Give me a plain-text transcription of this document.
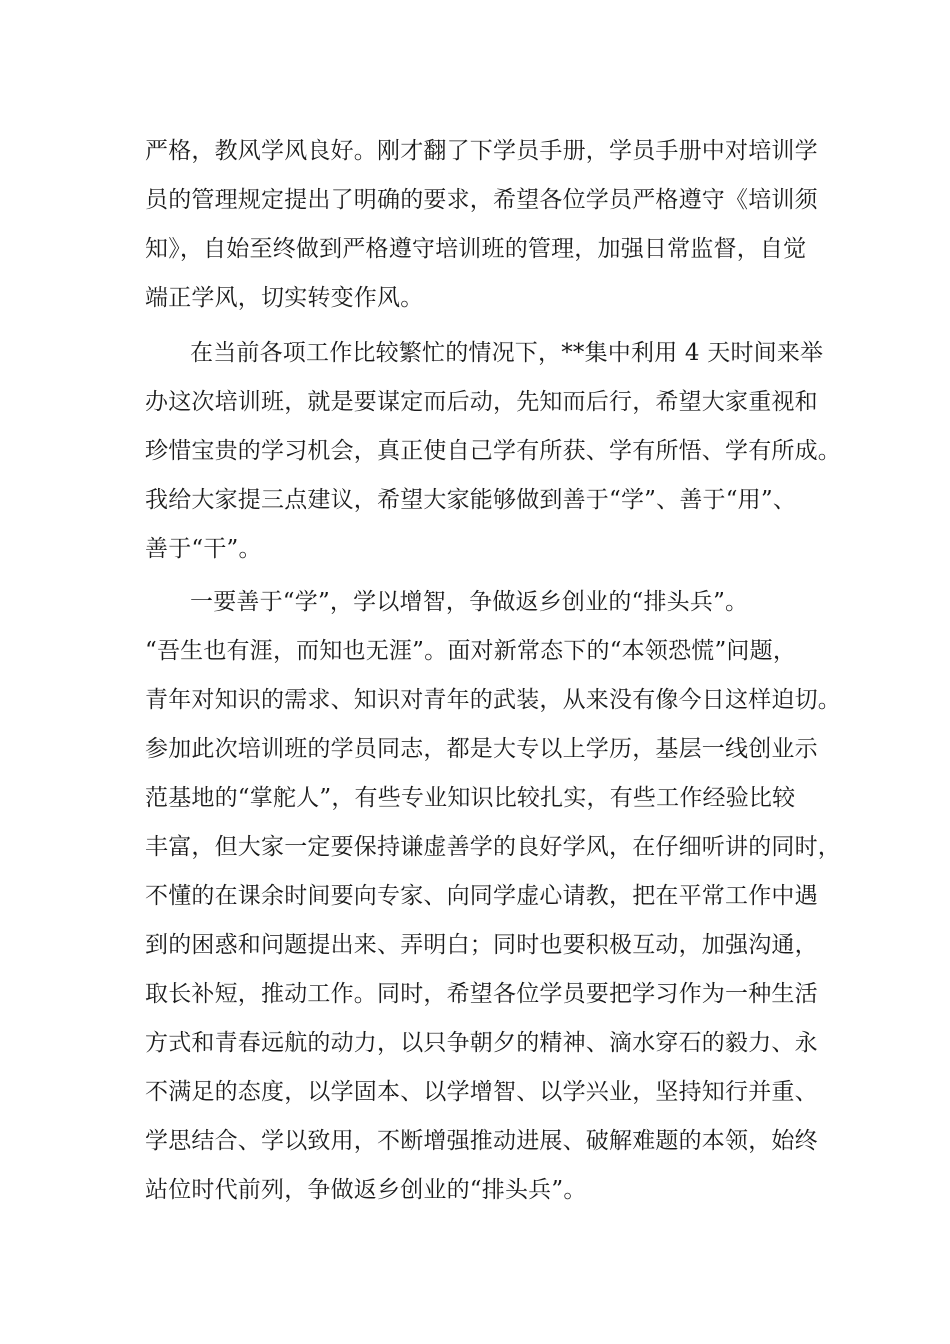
严格，教风学风良好。刚才翻了下学员手册，学员手册中对培训学
员的管理规定提出了明确的要求，希望各位学员严格遵守《培训须
知》，自始至终做到严格遵守培训班的管理，加强日常监督，自觉
端正学风，切实转变作风。
在当前各项工作比较繁忙的情况下，**集中利用 4 天时间来举
办这次培训班，就是要谋定而后动，先知而后行，希望大家重视和
珍惜宝贵的学习机会，真正使自己学有所获、学有所悟、学有所成。
我给大家提三点建议，希望大家能够做到善于“学”、善于“用”、
善于“干”。
一要善于“学”，学以增智，争做返乡创业的“排头兵”。
“吾生也有涯，而知也无涯”。面对新常态下的“本领恐慌”问题，
青年对知识的需求、知识对青年的武装，从来没有像今日这样迫切。
参加此次培训班的学员同志，都是大专以上学历，基层一线创业示
范基地的“掌舵人”，有些专业知识比较扎实，有些工作经验比较
丰富，但大家一定要保持谦虚善学的良好学风，在仔细听讲的同时，
不懂的在课余时间要向专家、向同学虚心请教，把在平常工作中遇
到的困惑和问题提出来、弄明白；同时也要积极互动，加强沟通，
取长补短，推动工作。同时，希望各位学员要把学习作为一种生活
方式和青春远航的动力，以只争朝夕的精神、滴水穿石的毅力、永
不满足的态度，以学固本、以学增智、以学兴业，坚持知行并重、
学思结合、学以致用，不断增强推动进展、破解难题的本领，始终
站位时代前列，争做返乡创业的“排头兵”。
